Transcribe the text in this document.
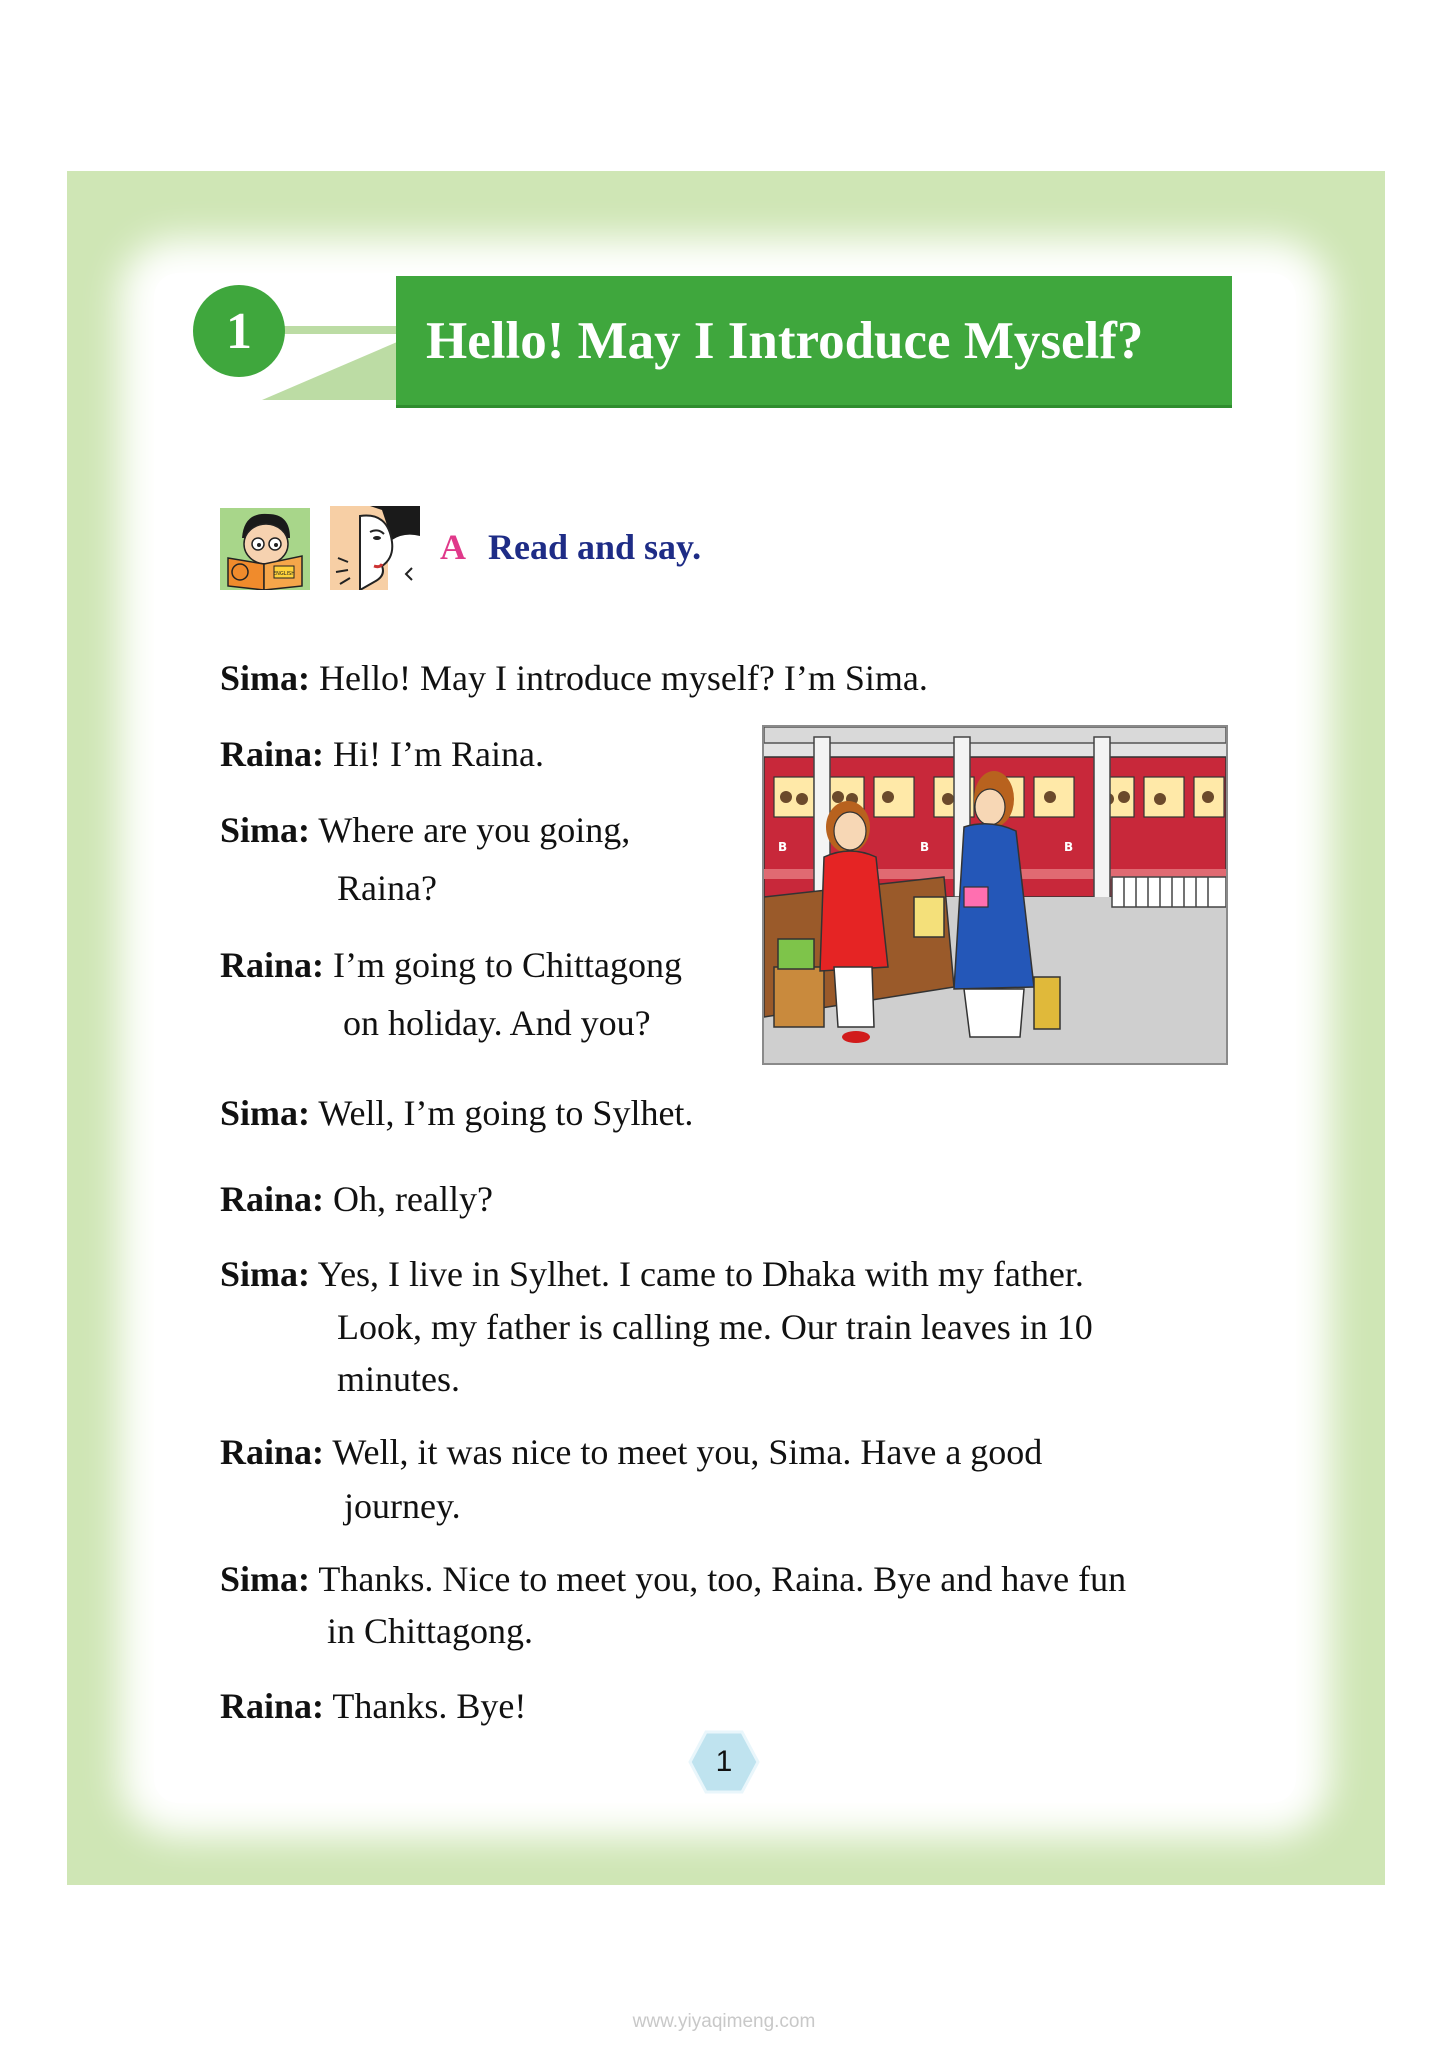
1	Hello! May I Introduce Myself?
ENGLISH
A Read and say.
Sima: Hello! May I introduce myself? I’m Sima.
Raina: Hi! I’m Raina.
Sima: Where are you going,
Raina?
Raina: I’m going to Chittagong
on holiday. And you?
Sima: Well, I’m going to Sylhet.
Raina: Oh, really?
Sima: Yes, I live in Sylhet. I came to Dhaka with my father.
Look, my father is calling me. Our train leaves in 10
minutes.
Raina: Well, it was nice to meet you, Sima. Have a good
journey.
Sima: Thanks. Nice to meet you, too, Raina. Bye and have fun
in Chittagong.
Raina: Thanks. Bye!
B	B	B
1
www.yiyaqimeng.com
